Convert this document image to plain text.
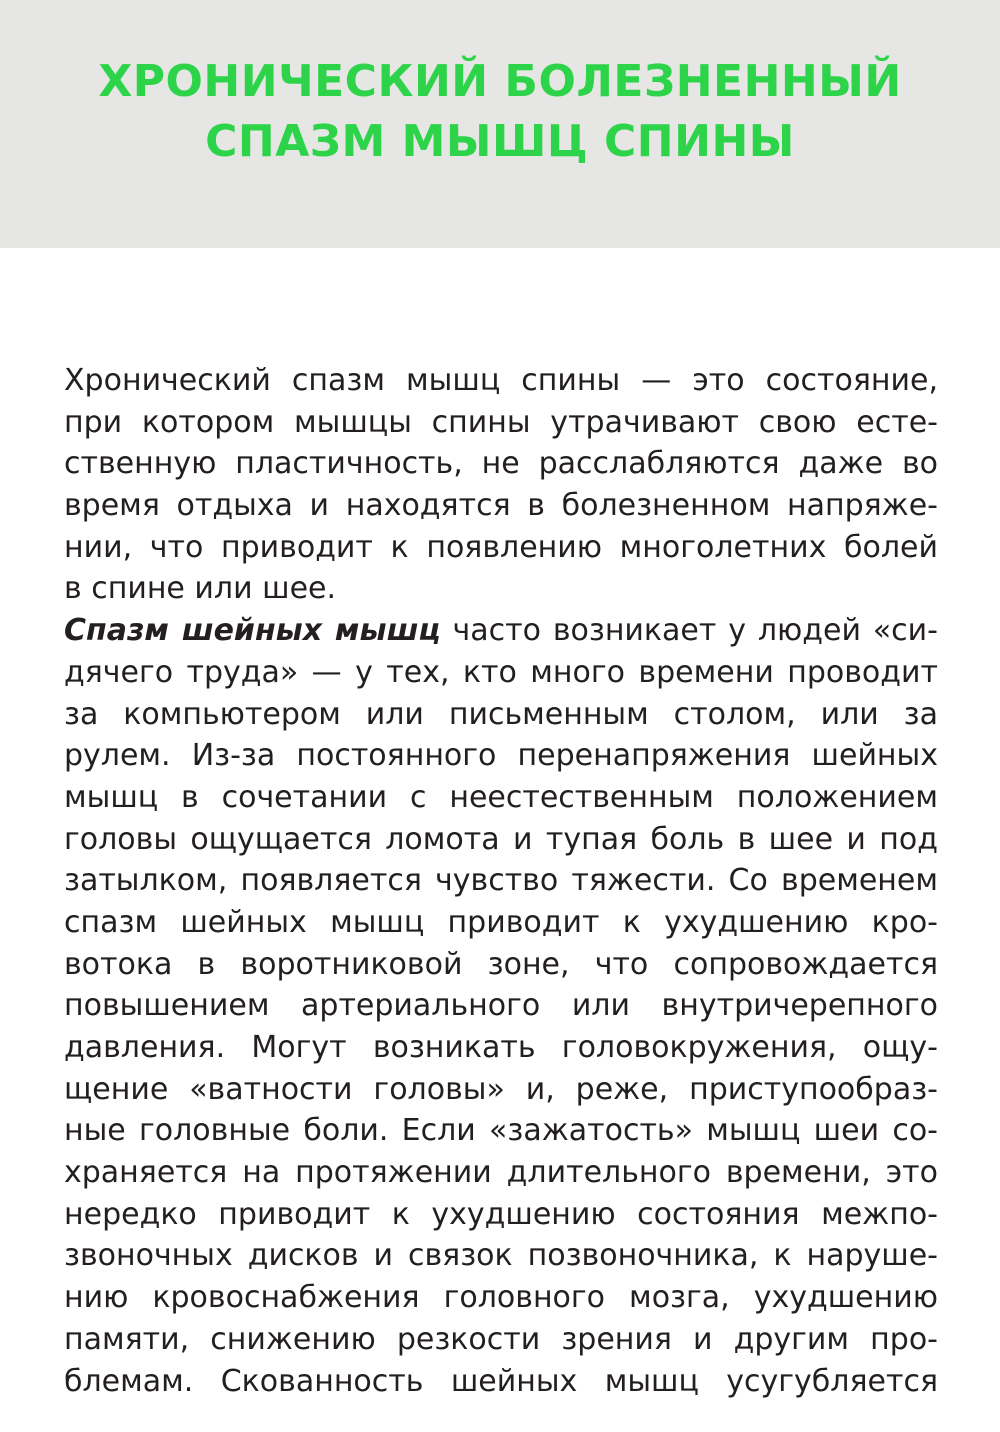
ХРОНИЧЕСКИЙ БОЛЕЗНЕННЫЙ
СПАЗМ МЫШЦ СПИНЫ
Хронический спазм мышц спины — это состояние,
при котором мышцы спины утрачивают свою есте-
ственную пластичность, не расслабляются даже во
время отдыха и находятся в болезненном напряже-
нии, что приводит к появлению многолетних болей
в спине или шее.
Спазм шейных мышц часто возникает у людей «си-
дячего труда» — у тех, кто много времени проводит
за компьютером или письменным столом, или за
рулем. Из-за постоянного перенапряжения шейных
мышц в сочетании с неестественным положением
головы ощущается ломота и тупая боль в шее и под
затылком, появляется чувство тяжести. Со временем
спазм шейных мышц приводит к ухудшению кро-
вотока в воротниковой зоне, что сопровождается
повышением артериального или внутричерепного
давления. Могут возникать головокружения, ощу-
щение «ватности головы» и, реже, приступообраз-
ные головные боли. Если «зажатость» мышц шеи со-
храняется на протяжении длительного времени, это
нередко приводит к ухудшению состояния межпо-
звоночных дисков и связок позвоночника, к наруше-
нию кровоснабжения головного мозга, ухудшению
памяти, снижению резкости зрения и другим про-
блемам. Скованность шейных мышц усугубляется
